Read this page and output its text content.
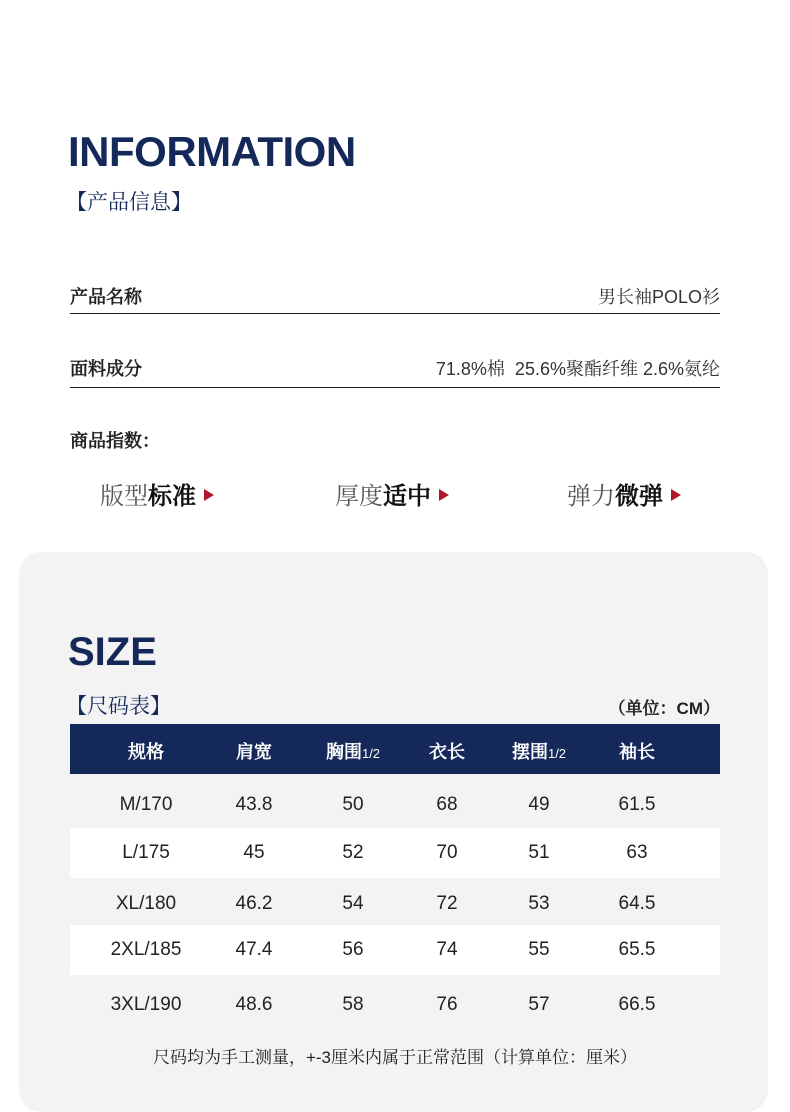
INFORMATION
【产品信息】
产品名称	男长袖POLO衫
面料成分	71.8%棉  25.6%聚酯纤维 2.6%氨纶
商品指数：
版型标准	厚度适中	弹力微弹
SIZE
【尺码表】	（单位：CM）
规格	肩宽	胸围1/2	衣长	摆围1/2	袖长
M/170	43.8	50	68	49	61.5
L/175	45	52	70	51	63
XL/180	46.2	54	72	53	64.5
2XL/185	47.4	56	74	55	65.5
3XL/190	48.6	58	76	57	66.5
尺码均为手工测量，+-3厘米内属于正常范围（计算单位：厘米）
